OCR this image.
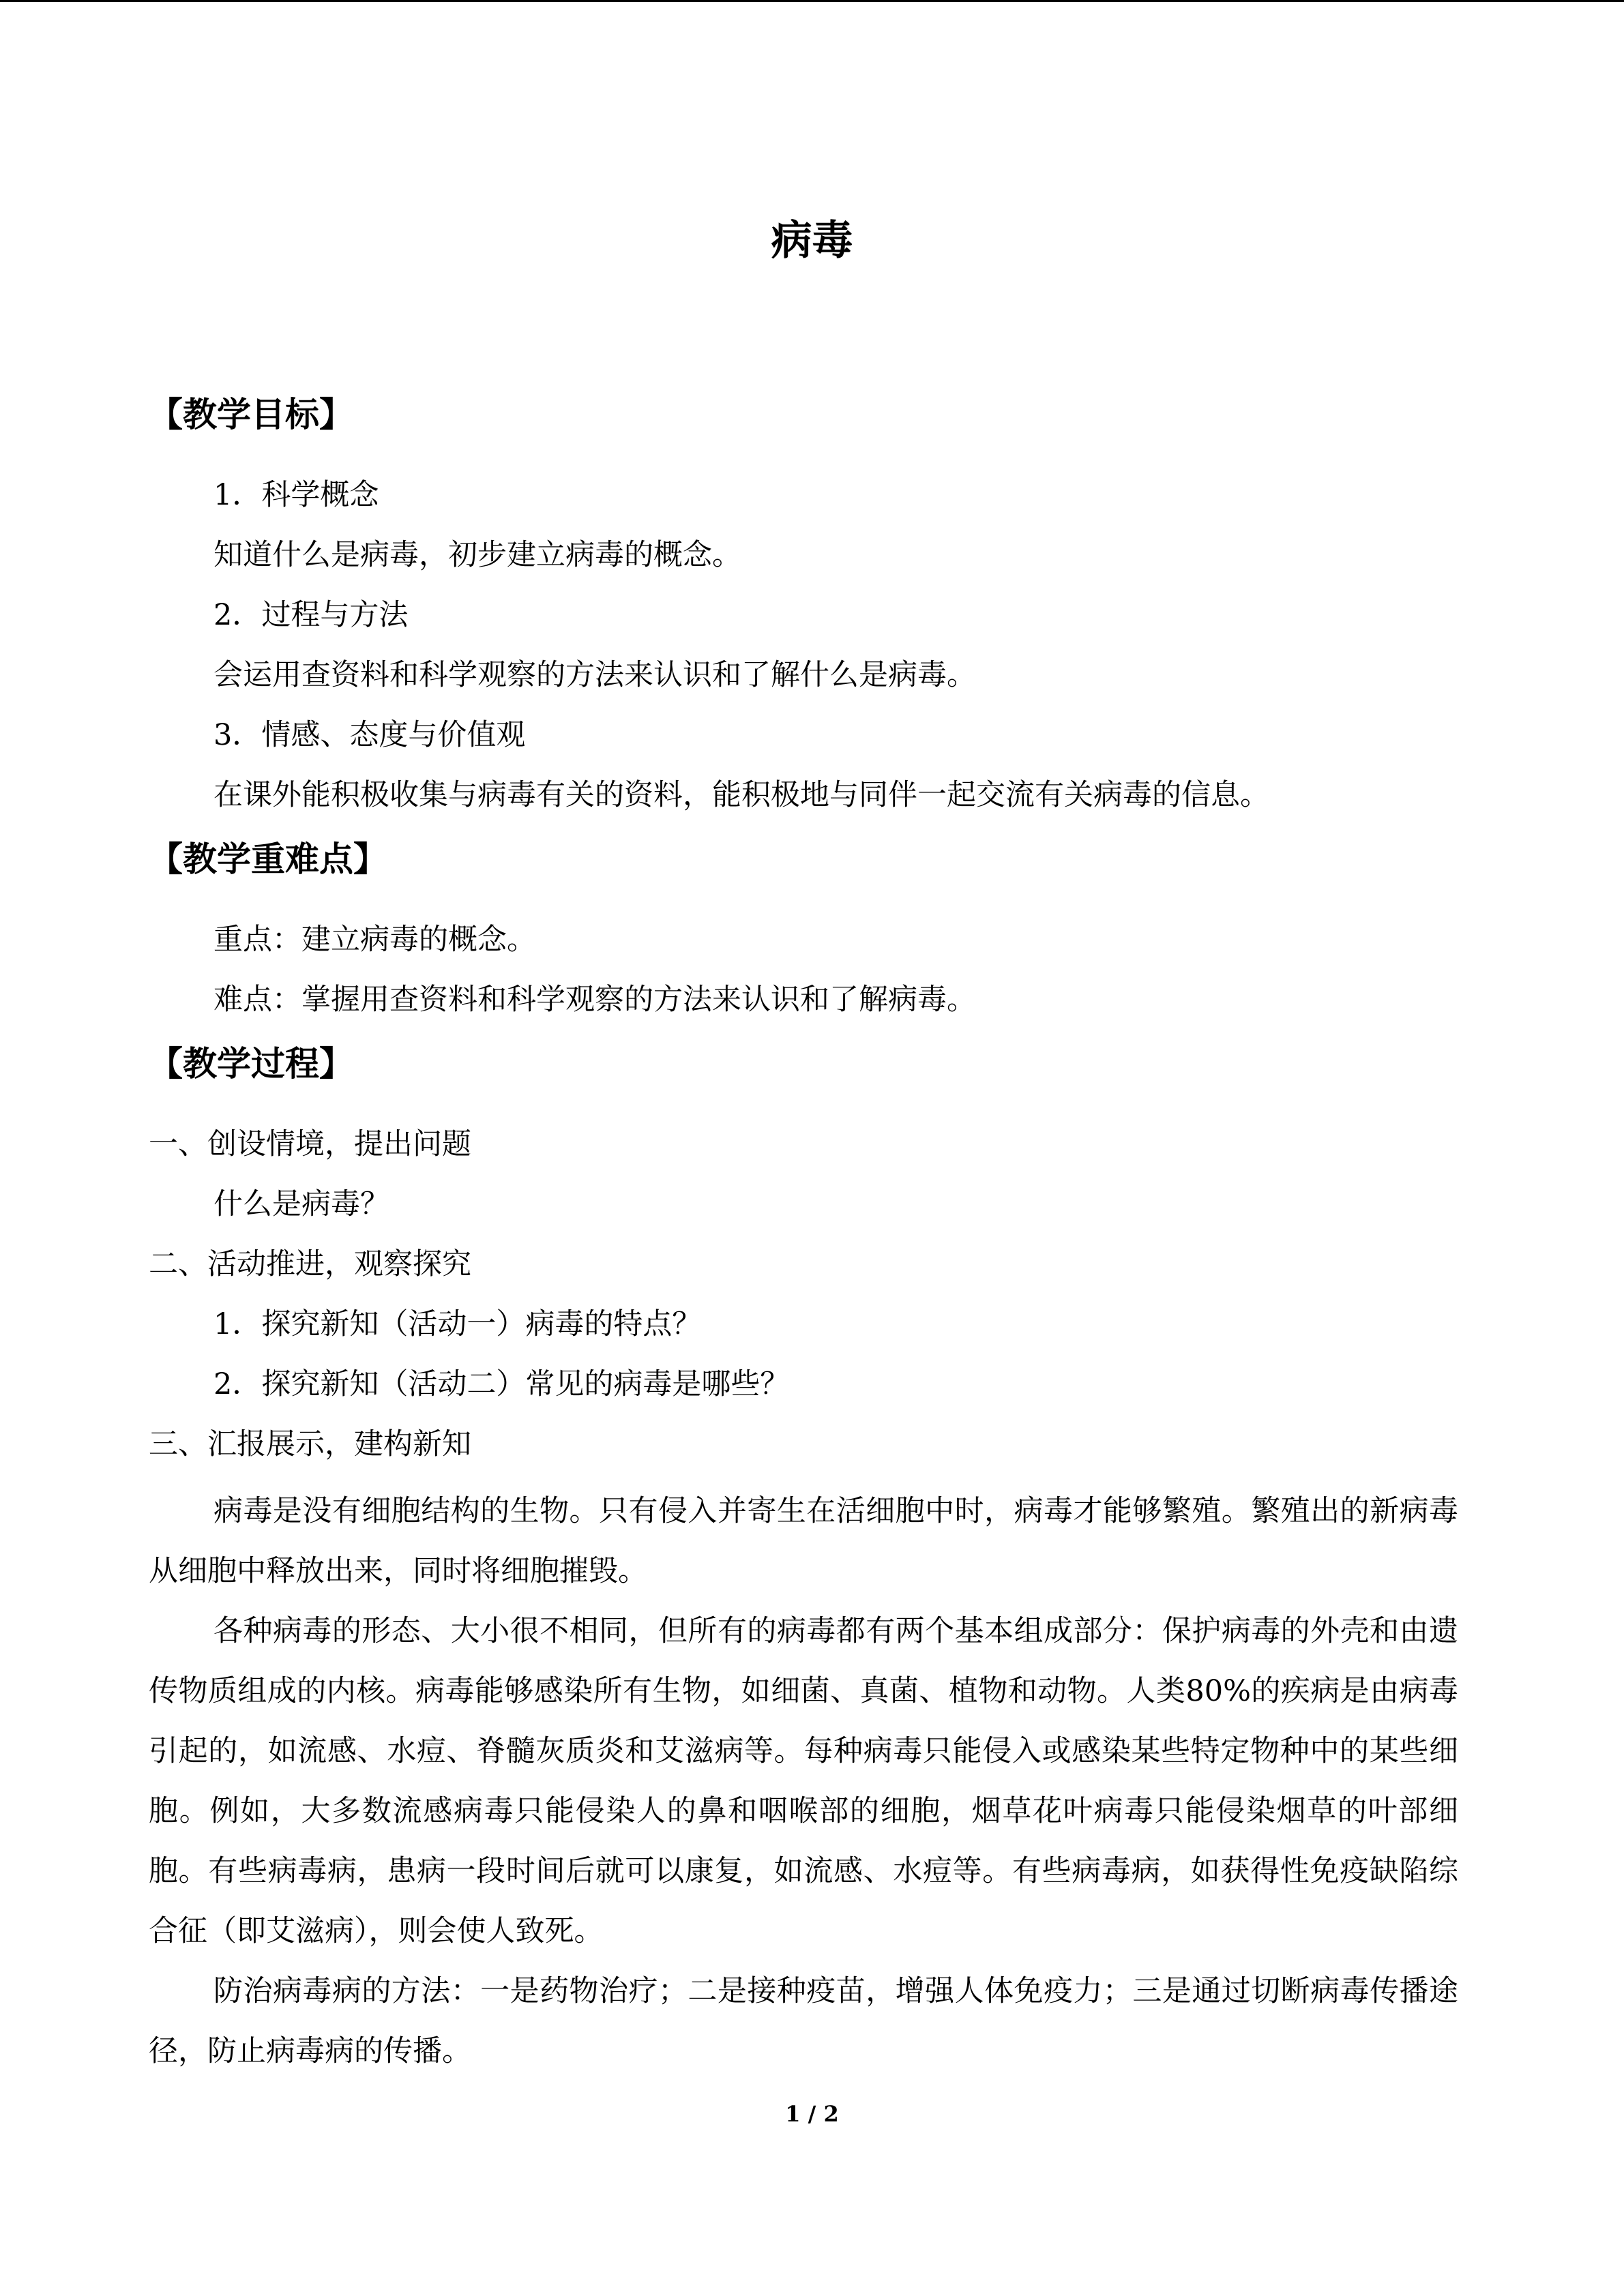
病毒
【教学目标】
1．科学概念
知道什么是病毒，初步建立病毒的概念。
2．过程与方法
会运用查资料和科学观察的方法来认识和了解什么是病毒。
3．情感、态度与价值观
在课外能积极收集与病毒有关的资料，能积极地与同伴一起交流有关病毒的信息。
【教学重难点】
重点：建立病毒的概念。
难点：掌握用查资料和科学观察的方法来认识和了解病毒。
【教学过程】
一、创设情境，提出问题
什么是病毒？
二、活动推进，观察探究
1．探究新知（活动一）病毒的特点？
2．探究新知（活动二）常见的病毒是哪些？
三、汇报展示，建构新知
病毒是没有细胞结构的生物。只有侵入并寄生在活细胞中时，病毒才能够繁殖。繁殖出的新病毒从细胞中释放出来，同时将细胞摧毁。
各种病毒的形态、大小很不相同，但所有的病毒都有两个基本组成部分：保护病毒的外壳和由遗传物质组成的内核。病毒能够感染所有生物，如细菌、真菌、植物和动物。人类80%的疾病是由病毒引起的，如流感、水痘、脊髓灰质炎和艾滋病等。每种病毒只能侵入或感染某些特定物种中的某些细胞。例如，大多数流感病毒只能侵染人的鼻和咽喉部的细胞，烟草花叶病毒只能侵染烟草的叶部细胞。有些病毒病，患病一段时间后就可以康复，如流感、水痘等。有些病毒病，如获得性免疫缺陷综合征（即艾滋病），则会使人致死。
防治病毒病的方法：一是药物治疗；二是接种疫苗，增强人体免疫力；三是通过切断病毒传播途径，防止病毒病的传播。
1 / 2
